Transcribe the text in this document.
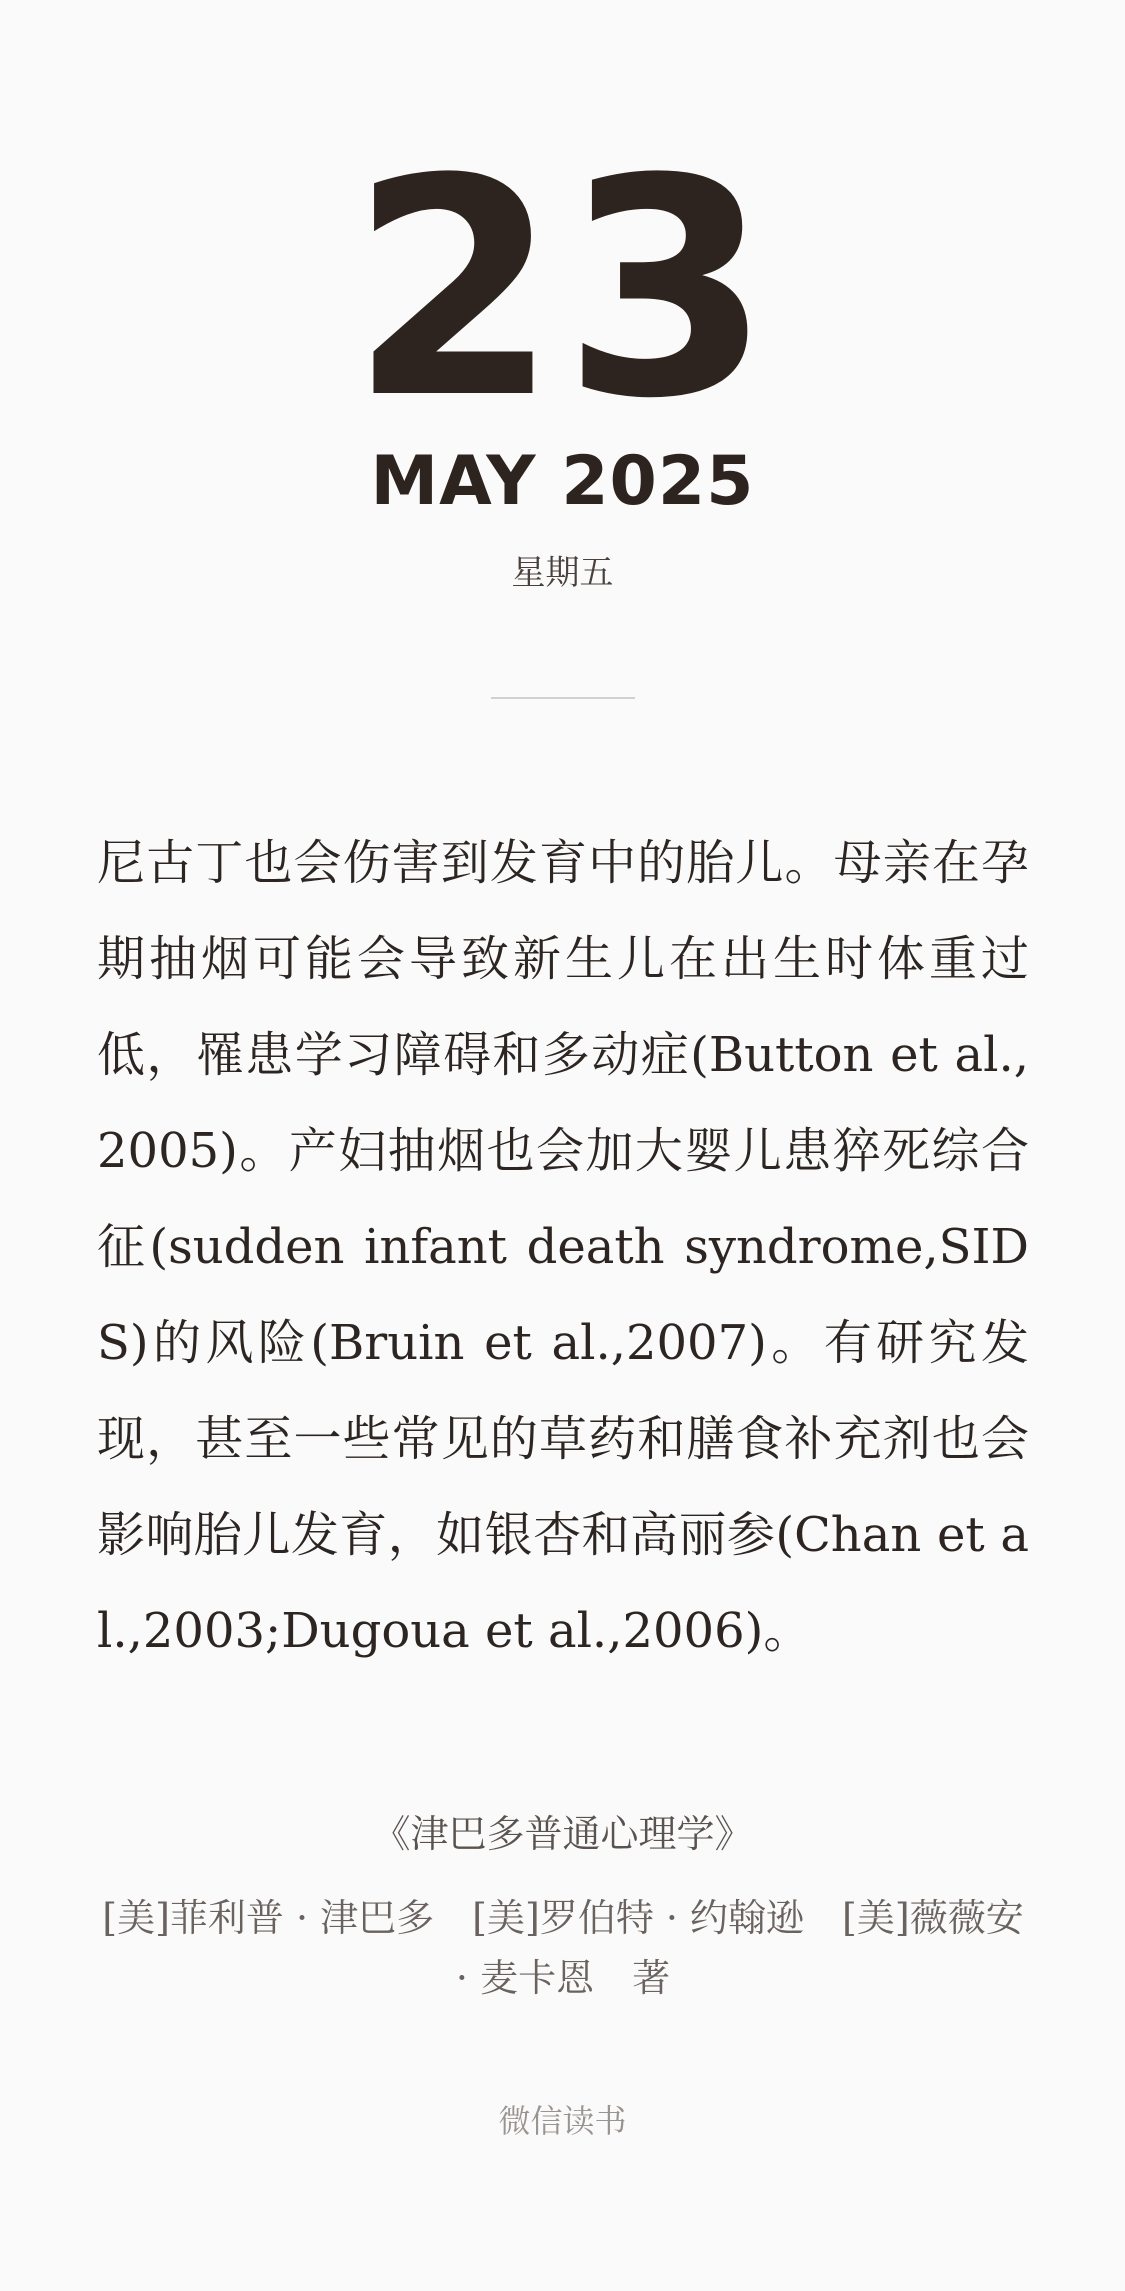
23
MAY 2025
星期五

尼古丁也会伤害到发育中的胎儿。母亲在孕期抽烟可能会导致新生儿在出生时体重过低，罹患学习障碍和多动症(Button et al.,2005)。产妇抽烟也会加大婴儿患猝死综合征(sudden infant death syndrome,SIDS)的风险(Bruin et al.,2007)。有研究发现，甚至一些常见的草药和膳食补充剂也会影响胎儿发育，如银杏和高丽参(Chan et al.,2003;Dugoua et al.,2006)。

《津巴多普通心理学》
[美]菲利普 · 津巴多　[美]罗伯特 · 约翰逊　[美]薇薇安 · 麦卡恩　著
微信读书
